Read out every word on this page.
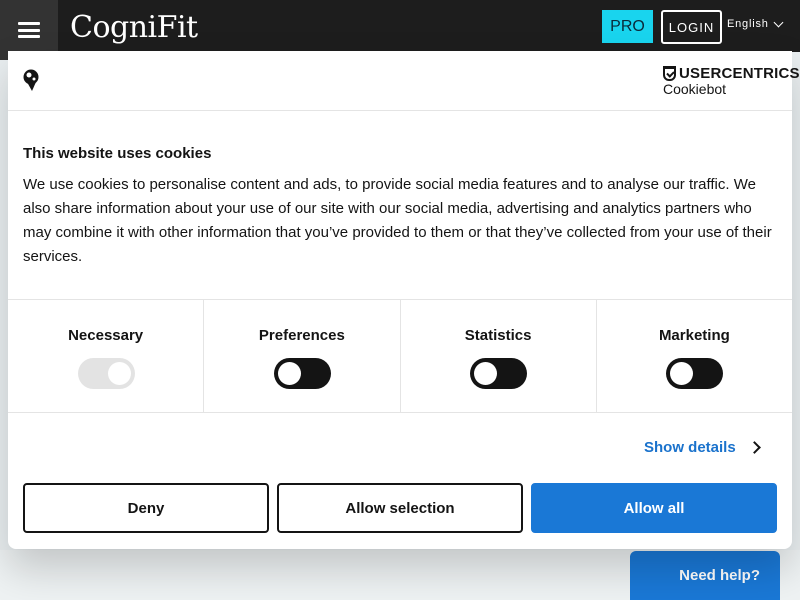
CogniFit	PRO	LOGIN	English
Need help?
USERCENTRICS
Cookiebot
This website uses cookies
We use cookies to personalise content and ads, to provide social media features and to analyse our traffic. We also share information about your use of our site with our social media, advertising and analytics partners who may combine it with other information that you’ve provided to them or that they’ve collected from your use of their services.
Necessary	Preferences	Statistics	Marketing
Show details
Deny	Allow selection	Allow all
